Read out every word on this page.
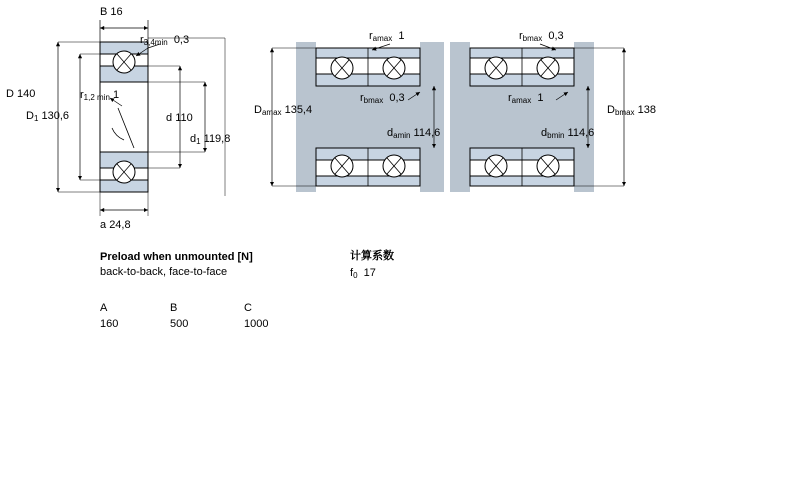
B 16
$r_{3,4min}$ 0,3
D 140
$D_1$ 130,6
$r_{1,2 min}$ 1
d 110
$d_1$ 119,8
a 24,8
$r_{amax}$ 1	$r_{bmax}$ 0,3
$D_{amax}$ 135,4
$r_{bmax}$ 0,3	$r_{amax}$ 1
$D_{bmax}$ 138
$d_{amin}$ 114,6	$d_{bmin}$ 114,6
Preload when unmounted [N]
back-to-back, face-to-face
A	B	C
160	500	1000
计算系数
$f_0$ 17
